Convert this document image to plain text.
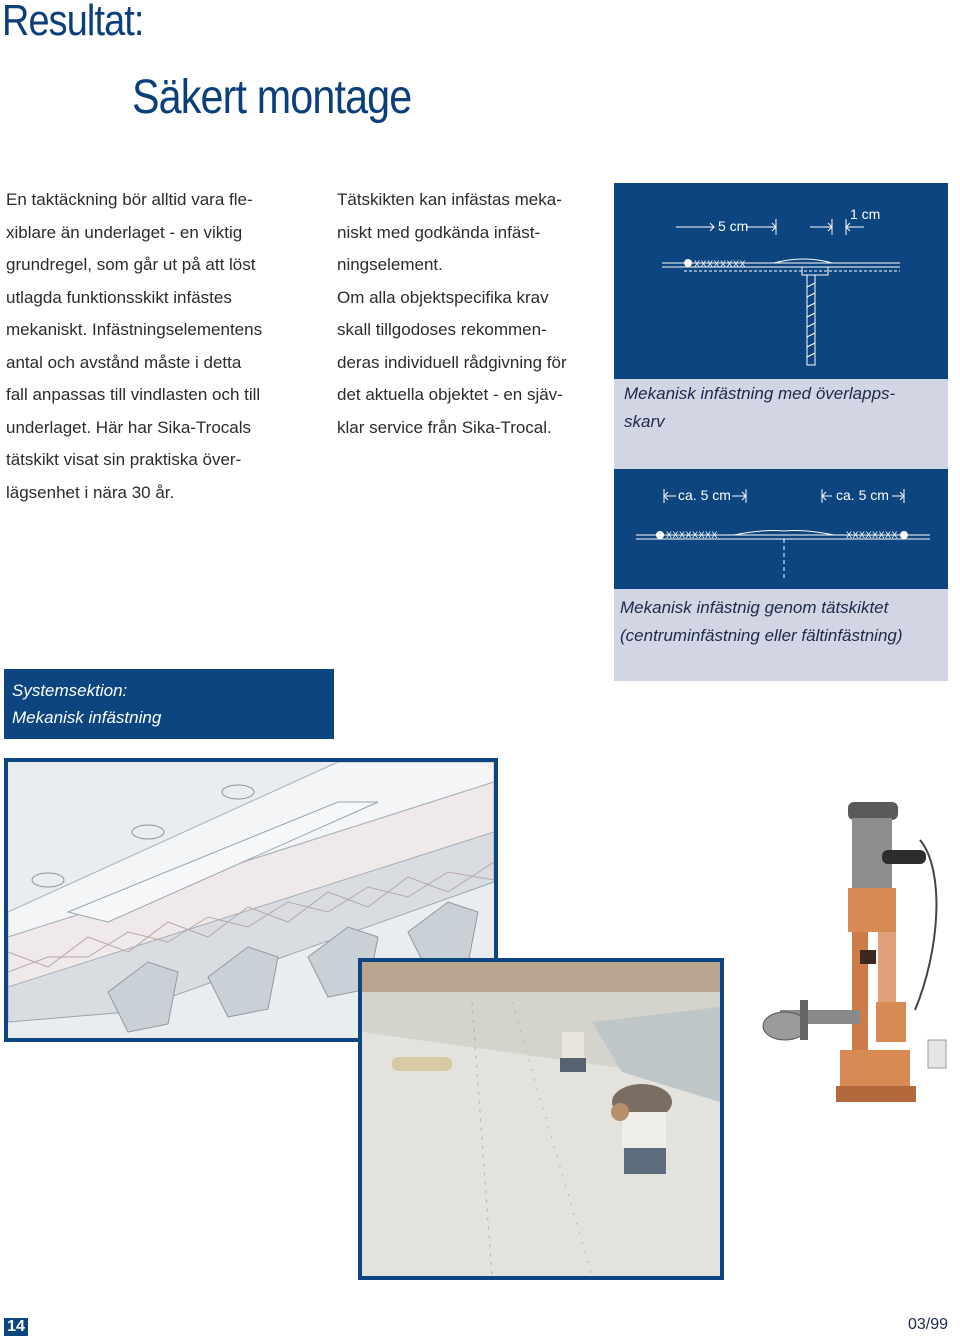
Resultat:
Säkert montage
En taktäckning bör alltid vara fle-
xiblare än underlaget - en viktig
grundregel, som går ut på att löst
utlagda funktionsskikt infästes
mekaniskt. Infästningselementens
antal och avstånd måste i detta
fall anpassas till vindlasten och till
underlaget. Här har Sika-Trocals
tätskikt visat sin praktiska över-
lägsenhet i nära 30 år.
Tätskikten kan infästas meka-
niskt med godkända infäst-
ningselement.
Om alla objektspecifika krav
skall tillgodoses rekommen-
deras individuell rådgivning för
det aktuella objektet - en sjäv-
klar service från Sika-Trocal.
5 cm
1 cm
XXXXXXXX
Mekanisk infästning med överlapps-
skarv
ca. 5 cm	ca. 5 cm
XXXXXXXX	XXXXXXXX
Mekanisk infästnig genom tätskiktet
(centruminfästning eller fältinfästning)
Systemsektion:
Mekanisk infästning
14	03/99
